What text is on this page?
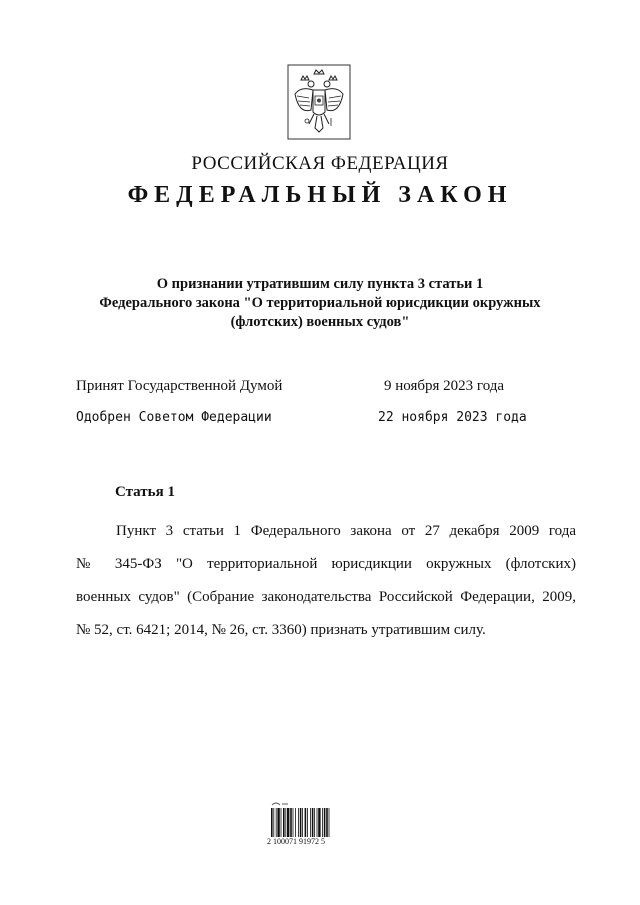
РОССИЙСКАЯ ФЕДЕРАЦИЯ
ФЕДЕРАЛЬНЫЙ ЗАКОН
О признании утратившим силу пункта 3 статьи 1
Федерального закона "О территориальной юрисдикции окружных
(флотских) военных судов"
Принят Государственной Думой	9 ноября 2023 года
Одобрен Советом Федерации	22 ноября 2023 года
Статья 1
Пункт 3 статьи 1 Федерального закона от 27 декабря 2009 года
№ 345-ФЗ "О территориальной юрисдикции окружных (флотских)
военных судов" (Собрание законодательства Российской Федерации, 2009,
№ 52, ст. 6421; 2014, № 26, ст. 3360) признать утратившим силу.
2 100071 91972 5
